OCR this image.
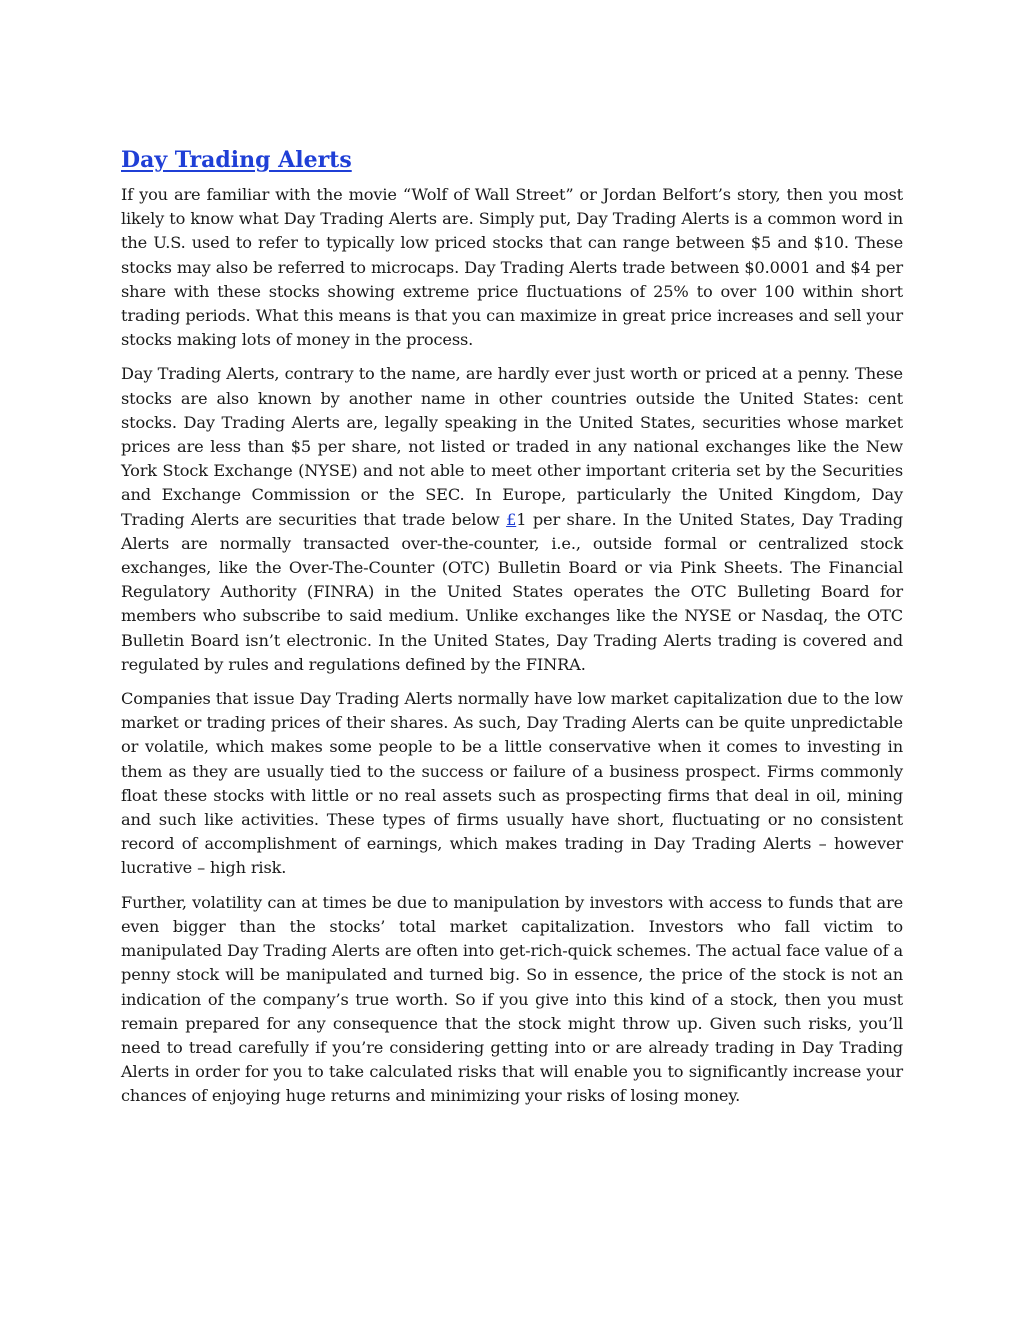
Day Trading Alerts

If you are familiar with the movie “Wolf of Wall Street” or Jordan Belfort’s story, then you most likely to know what Day Trading Alerts are. Simply put, Day Trading Alerts is a common word in the U.S. used to refer to typically low priced stocks that can range between $5 and $10. These stocks may also be referred to microcaps. Day Trading Alerts trade between $0.0001 and $4 per share with these stocks showing extreme price fluctuations of 25% to over 100 within short trading periods. What this means is that you can maximize in great price increases and sell your stocks making lots of money in the process.

Day Trading Alerts, contrary to the name, are hardly ever just worth or priced at a penny. These stocks are also known by another name in other countries outside the United States: cent stocks. Day Trading Alerts are, legally speaking in the United States, securities whose market prices are less than $5 per share, not listed or traded in any national exchanges like the New York Stock Exchange (NYSE) and not able to meet other important criteria set by the Securities and Exchange Commission or the SEC. In Europe, particularly the United Kingdom, Day Trading Alerts are securities that trade below £1 per share. In the United States, Day Trading Alerts are normally transacted over-the-counter, i.e., outside formal or centralized stock exchanges, like the Over-The-Counter (OTC) Bulletin Board or via Pink Sheets. The Financial Regulatory Authority (FINRA) in the United States operates the OTC Bulleting Board for members who subscribe to said medium. Unlike exchanges like the NYSE or Nasdaq, the OTC Bulletin Board isn’t electronic. In the United States, Day Trading Alerts trading is covered and regulated by rules and regulations defined by the FINRA.

Companies that issue Day Trading Alerts normally have low market capitalization due to the low market or trading prices of their shares. As such, Day Trading Alerts can be quite unpredictable or volatile, which makes some people to be a little conservative when it comes to investing in them as they are usually tied to the success or failure of a business prospect. Firms commonly float these stocks with little or no real assets such as prospecting firms that deal in oil, mining and such like activities. These types of firms usually have short, fluctuating or no consistent record of accomplishment of earnings, which makes trading in Day Trading Alerts – however lucrative – high risk.

Further, volatility can at times be due to manipulation by investors with access to funds that are even bigger than the stocks’ total market capitalization. Investors who fall victim to manipulated Day Trading Alerts are often into get-rich-quick schemes. The actual face value of a penny stock will be manipulated and turned big. So in essence, the price of the stock is not an indication of the company’s true worth. So if you give into this kind of a stock, then you must remain prepared for any consequence that the stock might throw up. Given such risks, you’ll need to tread carefully if you’re considering getting into or are already trading in Day Trading Alerts in order for you to take calculated risks that will enable you to significantly increase your chances of enjoying huge returns and minimizing your risks of losing money.
